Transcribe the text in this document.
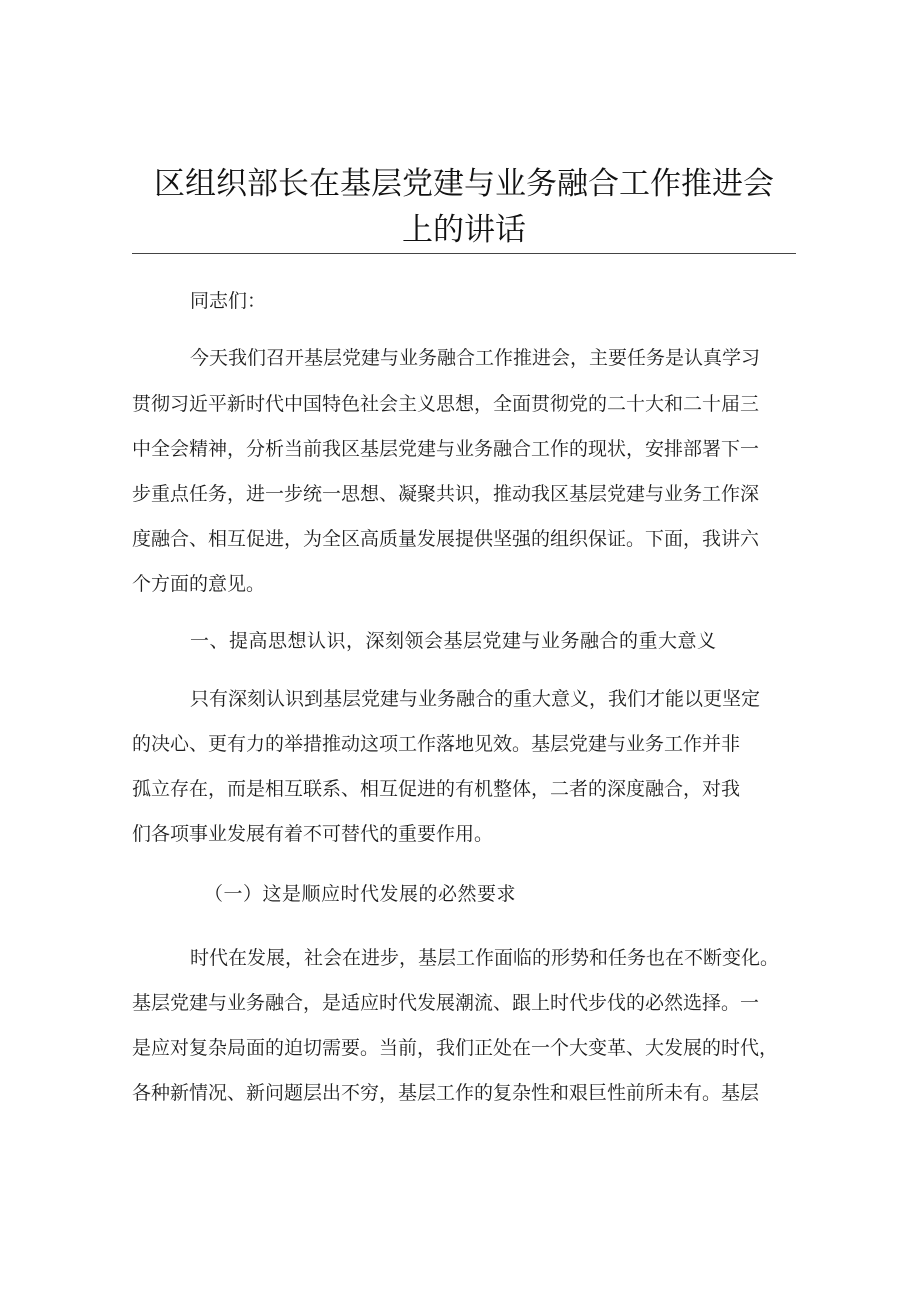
区组织部长在基层党建与业务融合工作推进会
上的讲话
同志们：
今天我们召开基层党建与业务融合工作推进会，主要任务是认真学习
贯彻习近平新时代中国特色社会主义思想，全面贯彻党的二十大和二十届三
中全会精神，分析当前我区基层党建与业务融合工作的现状，安排部署下一
步重点任务，进一步统一思想、凝聚共识，推动我区基层党建与业务工作深
度融合、相互促进，为全区高质量发展提供坚强的组织保证。下面，我讲六
个方面的意见。
一、提高思想认识，深刻领会基层党建与业务融合的重大意义
只有深刻认识到基层党建与业务融合的重大意义，我们才能以更坚定
的决心、更有力的举措推动这项工作落地见效。基层党建与业务工作并非
孤立存在，而是相互联系、相互促进的有机整体，二者的深度融合，对我
们各项事业发展有着不可替代的重要作用。
（一）这是顺应时代发展的必然要求
时代在发展，社会在进步，基层工作面临的形势和任务也在不断变化。
基层党建与业务融合，是适应时代发展潮流、跟上时代步伐的必然选择。一
是应对复杂局面的迫切需要。当前，我们正处在一个大变革、大发展的时代，
各种新情况、新问题层出不穷，基层工作的复杂性和艰巨性前所未有。基层
